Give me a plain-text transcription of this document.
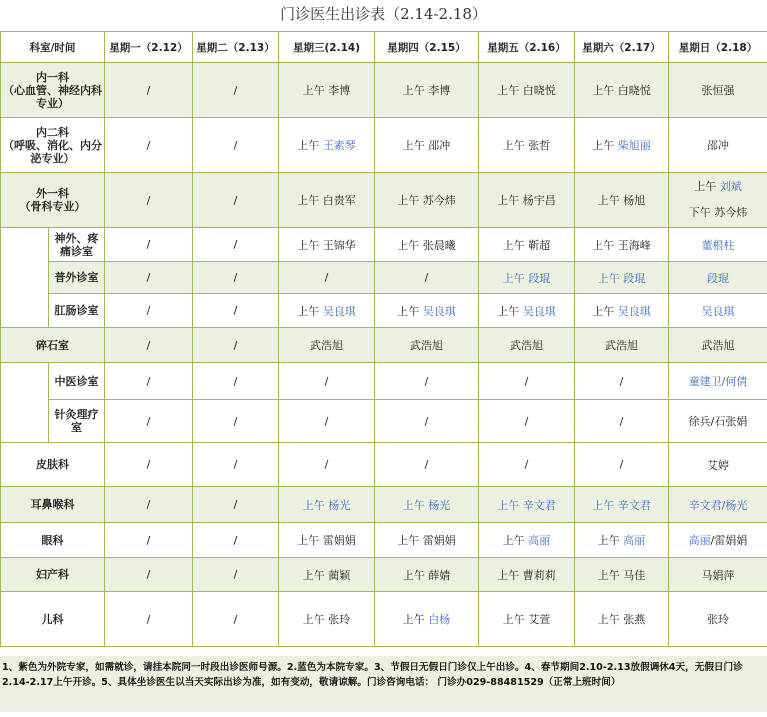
门诊医生出诊表（2.14-2.18）
科室/时间		星期一（2.12）	星期二（2.13）	星期三(2.14)	星期四（2.15）	星期五（2.16）	星期六（2.17）	星期日（2.18）
内一科
（心血管、神经内科专业）		/	/	上午 李博	上午 李博	上午 白晓悦	上午 白晓悦	张恒强
内二科
（呼吸、消化、内分泌专业）		/	/	上午 王素琴	上午 邵冲	上午 张哲	上午 柴旭丽	邵冲
外一科
（骨科专业）		/	/	上午 白贵军	上午 苏今炜	上午 杨宇昌	上午 杨旭	上午 刘斌
下午 苏今炜
	神外、疼痛诊室	/	/	上午 王锦华	上午 张晨曦	上午 靳超	上午 王海峰	董根柱
	普外诊室	/	/	/	/	上午 段琨	上午 段琨	段琨
	肛肠诊室	/	/	上午 吴良琪	上午 吴良琪	上午 吴良琪	上午 吴良琪	吴良琪
碎石室		/	/	武浩旭	武浩旭	武浩旭	武浩旭	武浩旭
	中医诊室	/	/	/	/	/	/	童建卫/何倩
	针灸理疗室	/	/	/	/	/	/	徐兵/石张娟
皮肤科		/	/	/	/	/	/	艾婷
耳鼻喉科		/	/	上午 杨光	上午 杨光	上午 辛文君	上午 辛文君	辛文君/杨光
眼科		/	/	上午 雷娟娟	上午 雷娟娟	上午 高丽	上午 高丽	高丽/雷娟娟
妇产科		/	/	上午 蔺颖	上午 薛婧	上午 曹莉莉	上午 马佳	马娟萍
儿科		/	/	上午 张玲	上午 白杨	上午 艾萱	上午 张燕	张玲
1、紫色为外院专家，如需就诊，请挂本院同一时段出诊医师号源。2.蓝色为本院专家。3、节假日无假日门诊仅上午出诊。4、春节期间2.10-2.13放假调休4天，无假日门诊2.14-2.17上午开诊。5、具体坐诊医生以当天实际出诊为准，如有变动，敬请谅解。门诊咨询电话： 门诊办029-88481529（正常上班时间）
